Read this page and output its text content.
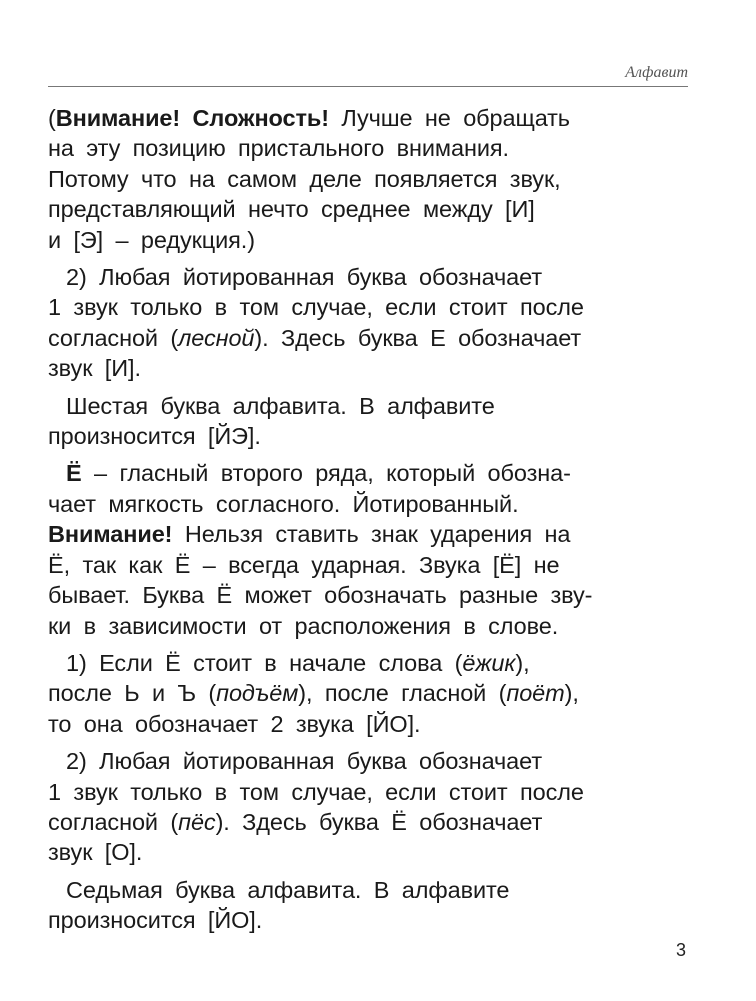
Алфавит

(Внимание! Сложность! Лучше не обращать
на эту позицию пристального внимания.
Потому что на самом деле появляется звук,
представляющий нечто среднее между [И]
и [Э] – редукция.)

2) Любая йотированная буква обозначает
1 звук только в том случае, если стоит после
согласной (лесной). Здесь буква Е обозначает
звук [И].

Шестая буква алфавита. В алфавите
произносится [ЙЭ].

Ё – гласный второго ряда, который обозна-
чает мягкость согласного. Йотированный.
Внимание! Нельзя ставить знак ударения на
Ё, так как Ё – всегда ударная. Звука [Ё] не
бывает. Буква Ё может обозначать разные зву-
ки в зависимости от расположения в слове.

1) Если Ё стоит в начале слова (ёжик),
после Ь и Ъ (подъём), после гласной (поёт),
то она обозначает 2 звука [ЙО].

2) Любая йотированная буква обозначает
1 звук только в том случае, если стоит после
согласной (пёс). Здесь буква Ё обозначает
звук [О].

Седьмая буква алфавита. В алфавите
произносится [ЙО].

3
